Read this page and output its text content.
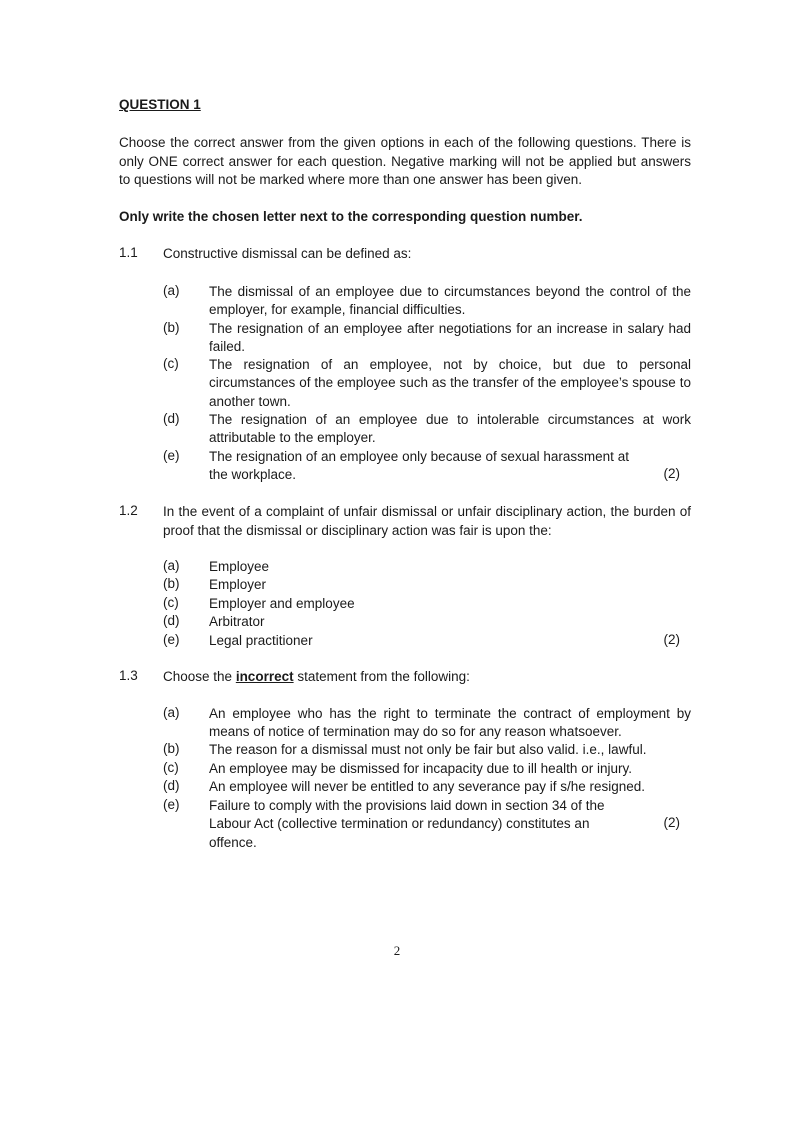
QUESTION 1
Choose the correct answer from the given options in each of the following questions. There is only ONE correct answer for each question. Negative marking will not be applied but answers to questions will not be marked where more than one answer has been given.
Only write the chosen letter next to the corresponding question number.
1.1 Constructive dismissal can be defined as:
(a) The dismissal of an employee due to circumstances beyond the control of the employer, for example, financial difficulties.
(b) The resignation of an employee after negotiations for an increase in salary had failed.
(c) The resignation of an employee, not by choice, but due to personal circumstances of the employee such as the transfer of the employee’s spouse to another town.
(d) The resignation of an employee due to intolerable circumstances at work attributable to the employer.
(e) The resignation of an employee only because of sexual harassment at the workplace.	(2)
1.2 In the event of a complaint of unfair dismissal or unfair disciplinary action, the burden of proof that the dismissal or disciplinary action was fair is upon the:
(a) Employee
(b) Employer
(c) Employer and employee
(d) Arbitrator
(e) Legal practitioner	(2)
1.3 Choose the incorrect statement from the following:
(a) An employee who has the right to terminate the contract of employment by means of notice of termination may do so for any reason whatsoever.
(b) The reason for a dismissal must not only be fair but also valid. i.e., lawful.
(c) An employee may be dismissed for incapacity due to ill health or injury.
(d) An employee will never be entitled to any severance pay if s/he resigned.
(e) Failure to comply with the provisions laid down in section 34 of the Labour Act (collective termination or redundancy) constitutes an offence.
(2)
2
